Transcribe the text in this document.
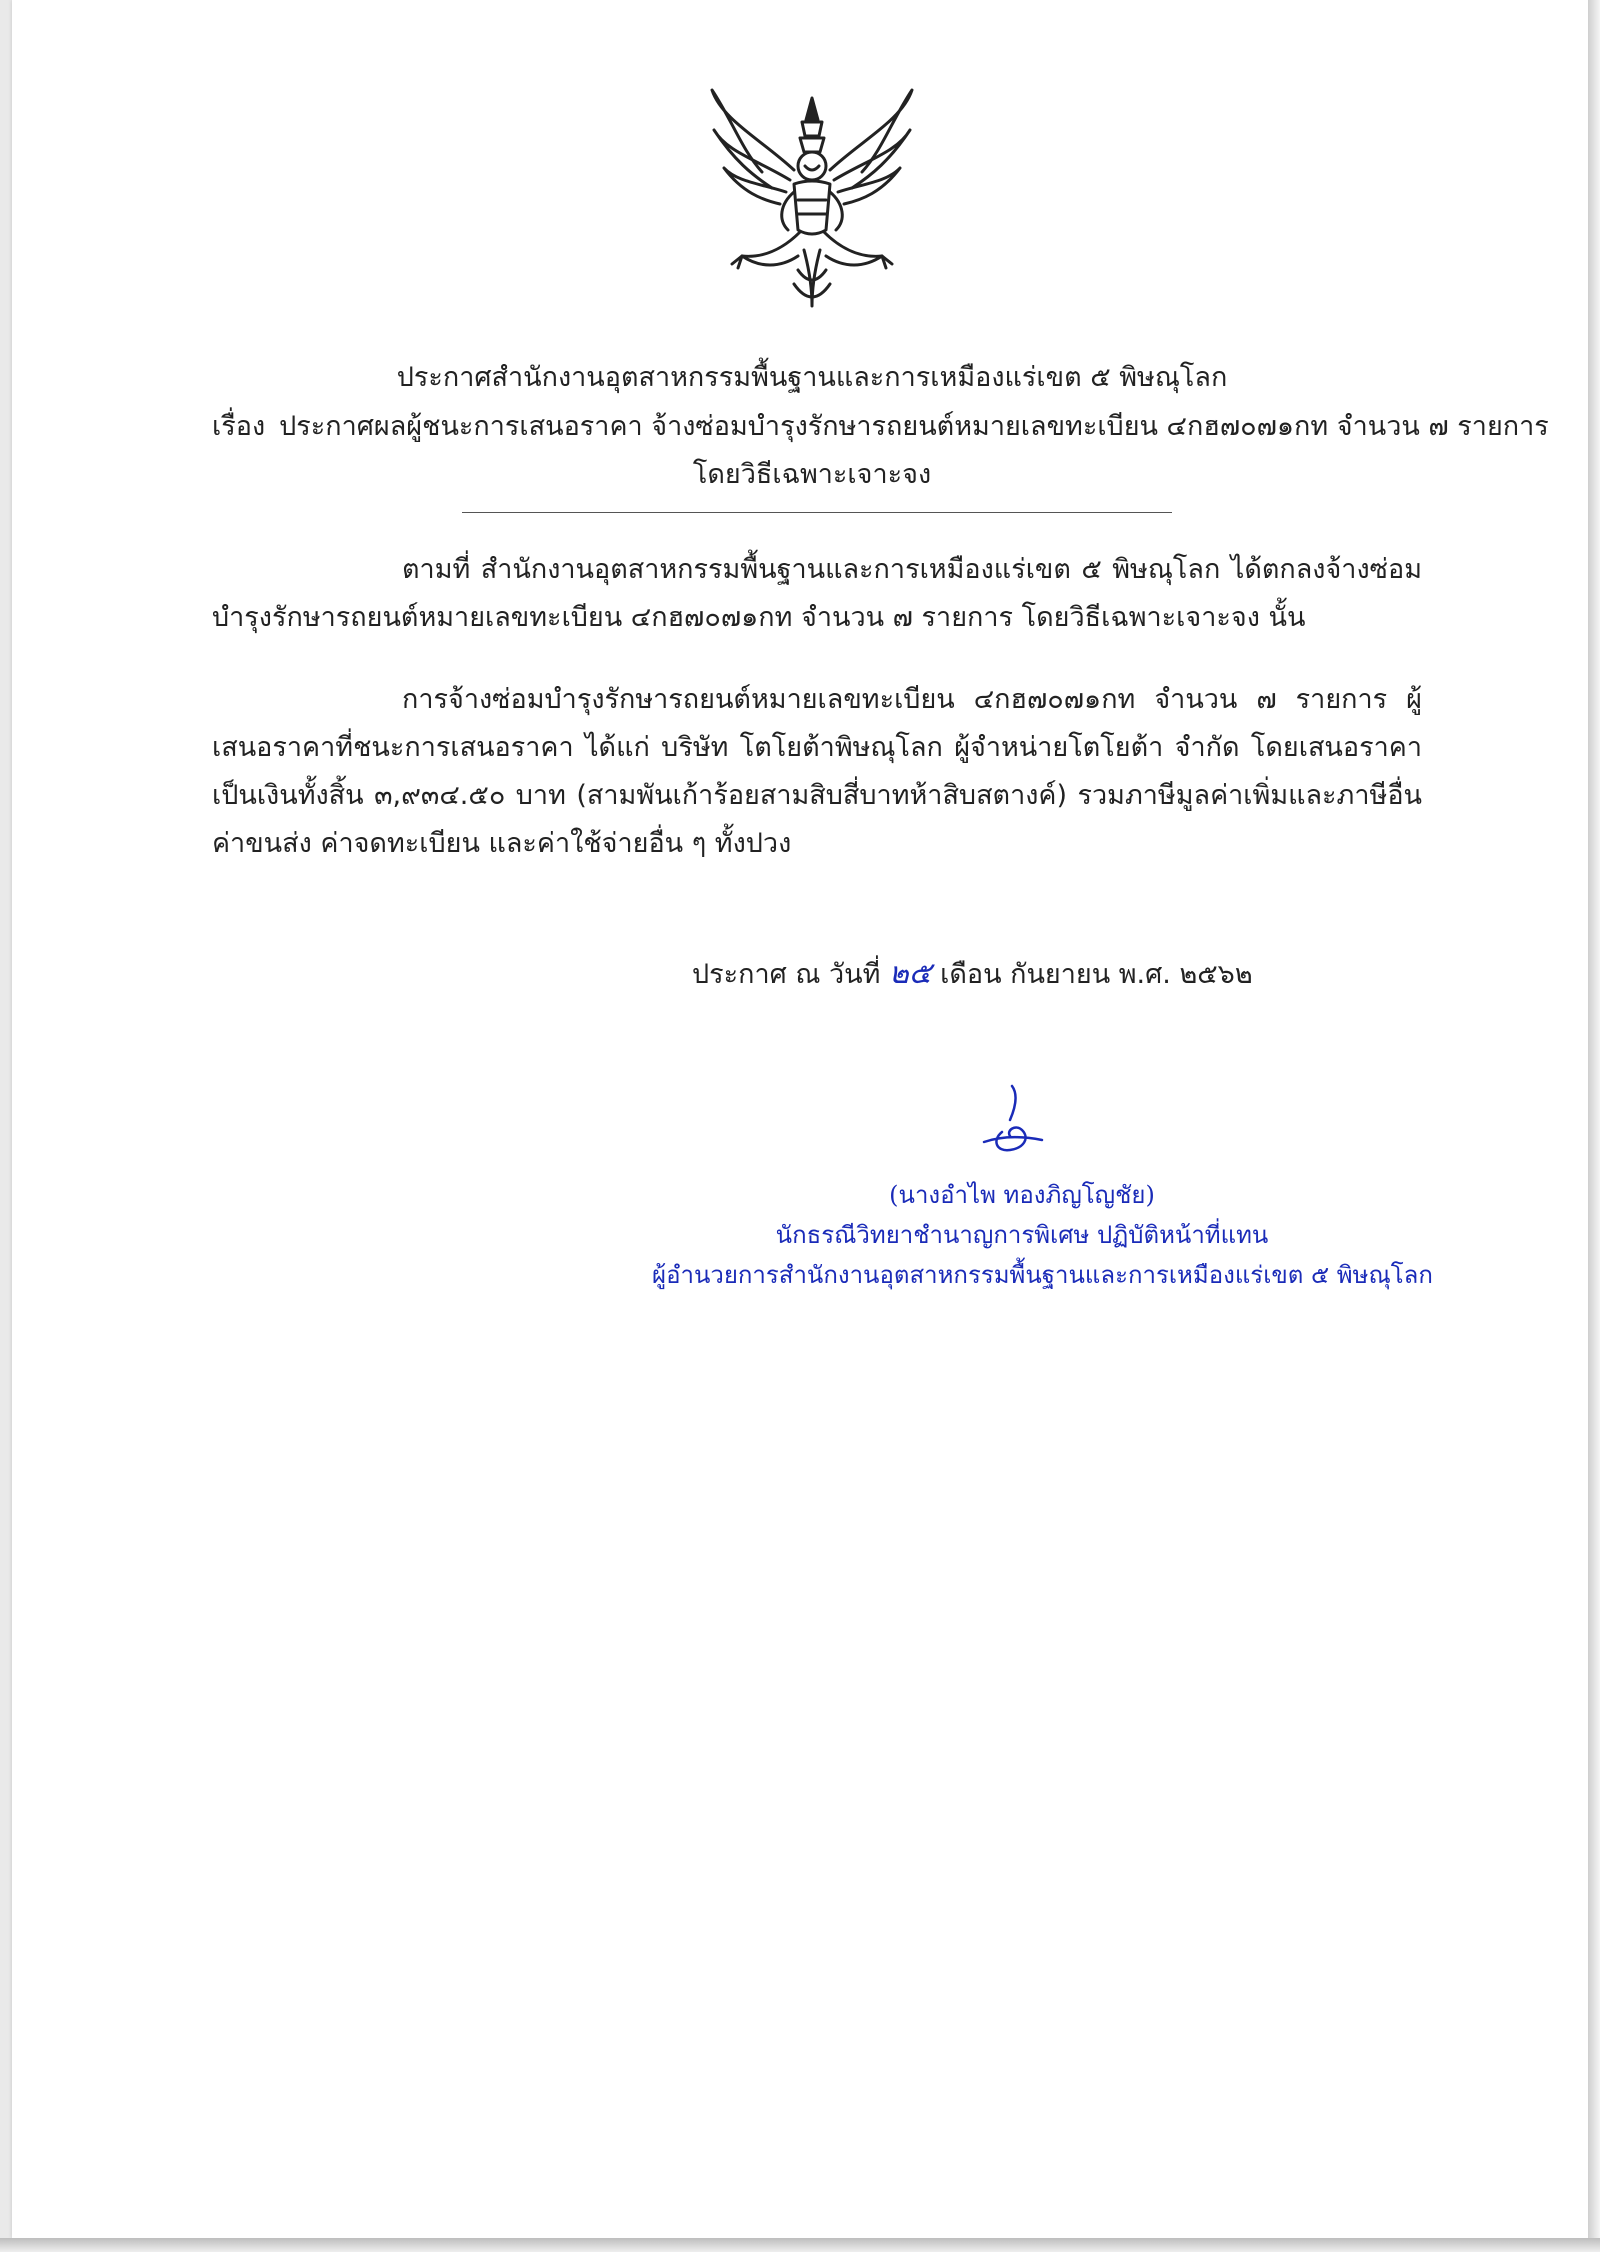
ประกาศสำนักงานอุตสาหกรรมพื้นฐานและการเหมืองแร่เขต ๕ พิษณุโลก
เรื่อง ประกาศผลผู้ชนะการเสนอราคา จ้างซ่อมบำรุงรักษารถยนต์หมายเลขทะเบียน ๔กฮ๗๐๗๑กท จำนวน ๗ รายการ
โดยวิธีเฉพาะเจาะจง
ตามที่ สำนักงานอุตสาหกรรมพื้นฐานและการเหมืองแร่เขต ๕ พิษณุโลก ได้ตกลงจ้างซ่อมบำรุงรักษารถยนต์หมายเลขทะเบียน ๔กฮ๗๐๗๑กท จำนวน ๗ รายการ โดยวิธีเฉพาะเจาะจง นั้น
การจ้างซ่อมบำรุงรักษารถยนต์หมายเลขทะเบียน ๔กฮ๗๐๗๑กท จำนวน ๗ รายการ ผู้เสนอราคาที่ชนะการเสนอราคา ได้แก่ บริษัท โตโยต้าพิษณุโลก ผู้จำหน่ายโตโยต้า จำกัด โดยเสนอราคา เป็นเงินทั้งสิ้น ๓,๙๓๔.๕๐ บาท (สามพันเก้าร้อยสามสิบสี่บาทห้าสิบสตางค์) รวมภาษีมูลค่าเพิ่มและภาษีอื่น ค่าขนส่ง ค่าจดทะเบียน และค่าใช้จ่ายอื่น ๆ ทั้งปวง
ประกาศ ณ วันที่ ๒๕ เดือน กันยายน พ.ศ. ๒๕๖๒
(นางอำไพ ทองภิญโญชัย)
นักธรณีวิทยาชำนาญการพิเศษ ปฏิบัติหน้าที่แทน
ผู้อำนวยการสำนักงานอุตสาหกรรมพื้นฐานและการเหมืองแร่เขต ๕ พิษณุโลก
